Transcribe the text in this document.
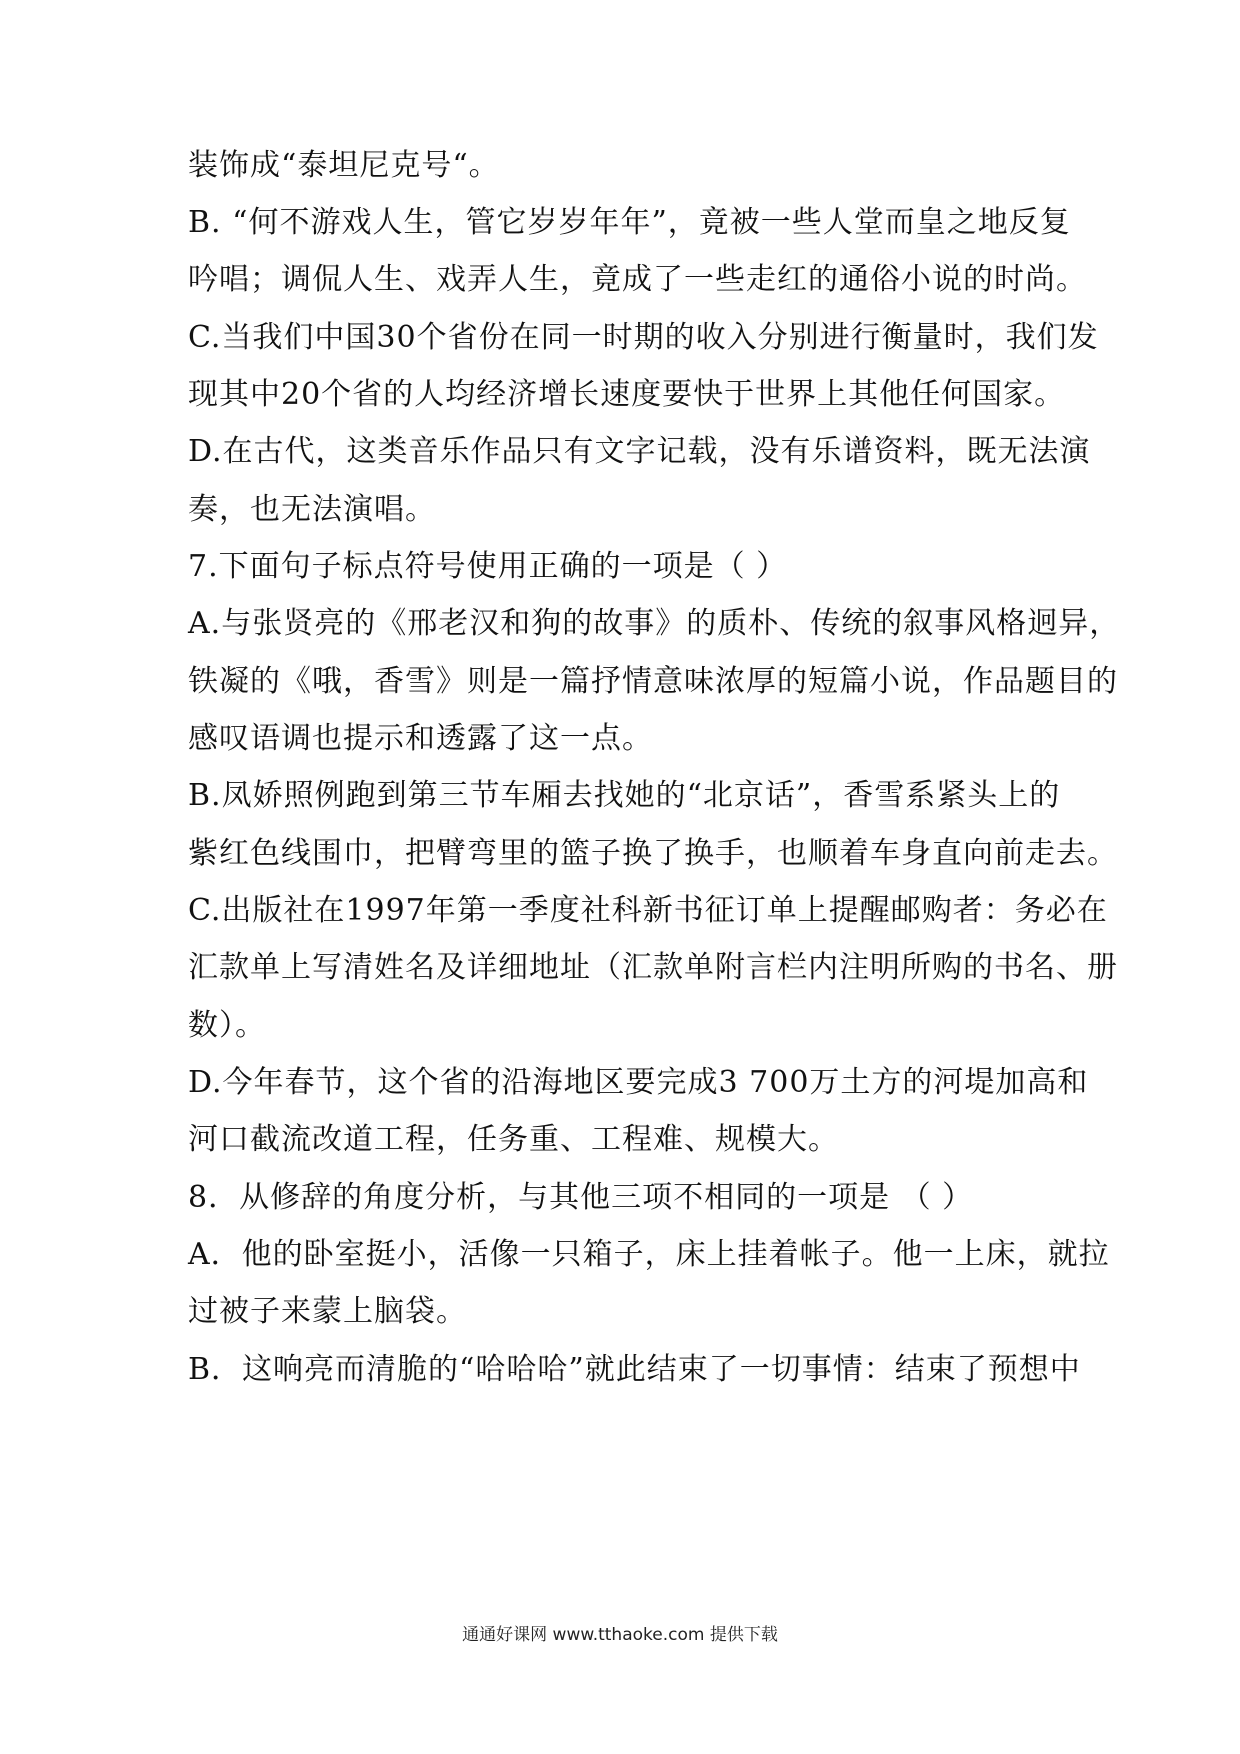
装饰成“泰坦尼克号“。
B. “何不游戏人生，管它岁岁年年”，竟被一些人堂而皇之地反复
吟唱；调侃人生、戏弄人生，竟成了一些走红的通俗小说的时尚。
C.当我们中国30个省份在同一时期的收入分别进行衡量时，我们发
现其中20个省的人均经济增长速度要快于世界上其他任何国家。
D.在古代，这类音乐作品只有文字记载，没有乐谱资料，既无法演
奏，也无法演唱。
7.下面句子标点符号使用正确的一项是（ ）
A.与张贤亮的《邢老汉和狗的故事》的质朴、传统的叙事风格迥异，
铁凝的《哦，香雪》则是一篇抒情意味浓厚的短篇小说，作品题目的
感叹语调也提示和透露了这一点。
B.凤娇照例跑到第三节车厢去找她的“北京话”，香雪系紧头上的
紫红色线围巾，把臂弯里的篮子换了换手，也顺着车身直向前走去。
C.出版社在1997年第一季度社科新书征订单上提醒邮购者：务必在
汇款单上写清姓名及详细地址（汇款单附言栏内注明所购的书名、册
数）。
D.今年春节，这个省的沿海地区要完成3 700万土方的河堤加高和
河口截流改道工程，任务重、工程难、规模大。
8．从修辞的角度分析，与其他三项不相同的一项是 （ ）
A．他的卧室挺小，活像一只箱子，床上挂着帐子。他一上床，就拉
过被子来蒙上脑袋。
B．这响亮而清脆的“哈哈哈”就此结束了一切事情：结束了预想中
通通好课网 www.tthaoke.com 提供下载
